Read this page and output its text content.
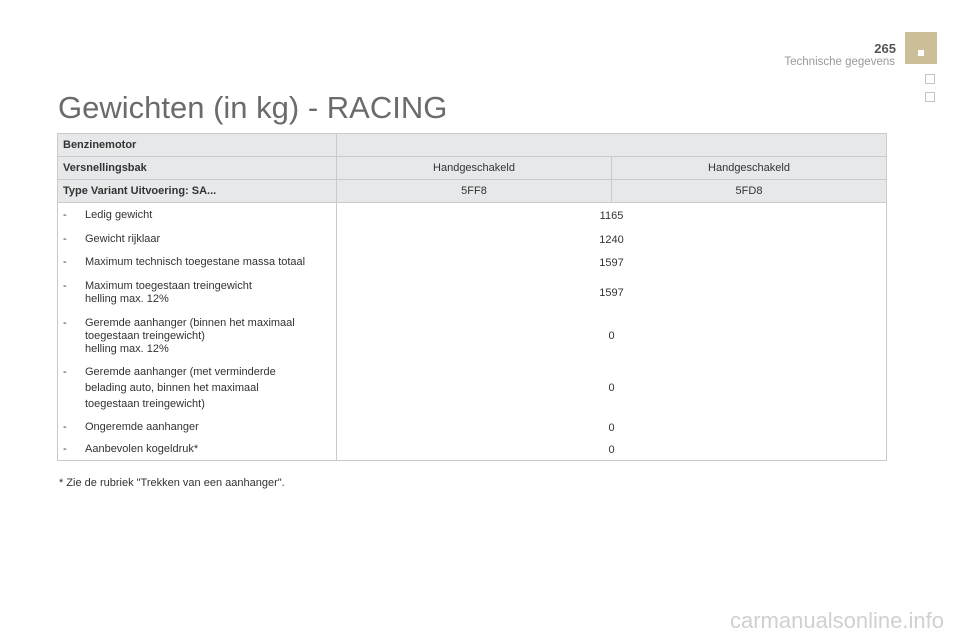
265
Technische gegevens
Gewichten (in kg) - RACING
Benzinemotor		
Versnellingsbak	Handgeschakeld	Handgeschakeld
Type Variant Uitvoering: SA...	5FF8	5FD8

- Ledig gewicht	1165	

- Gewicht rijklaar	1240	

- Maximum technisch toegestane massa totaal	1597	

- Maximum toegestaan treingewicht
helling max. 12%	1597	

- Geremde aanhanger (binnen het maximaal
toegestaan treingewicht)
helling max. 12%	0	

- Geremde aanhanger (met verminderde
belading auto, binnen het maximaal
toegestaan treingewicht)	0	

- Ongeremde aanhanger	0	

- Aanbevolen kogeldruk*	0	
* Zie de rubriek "Trekken van een aanhanger".
carmanualsonline.info
